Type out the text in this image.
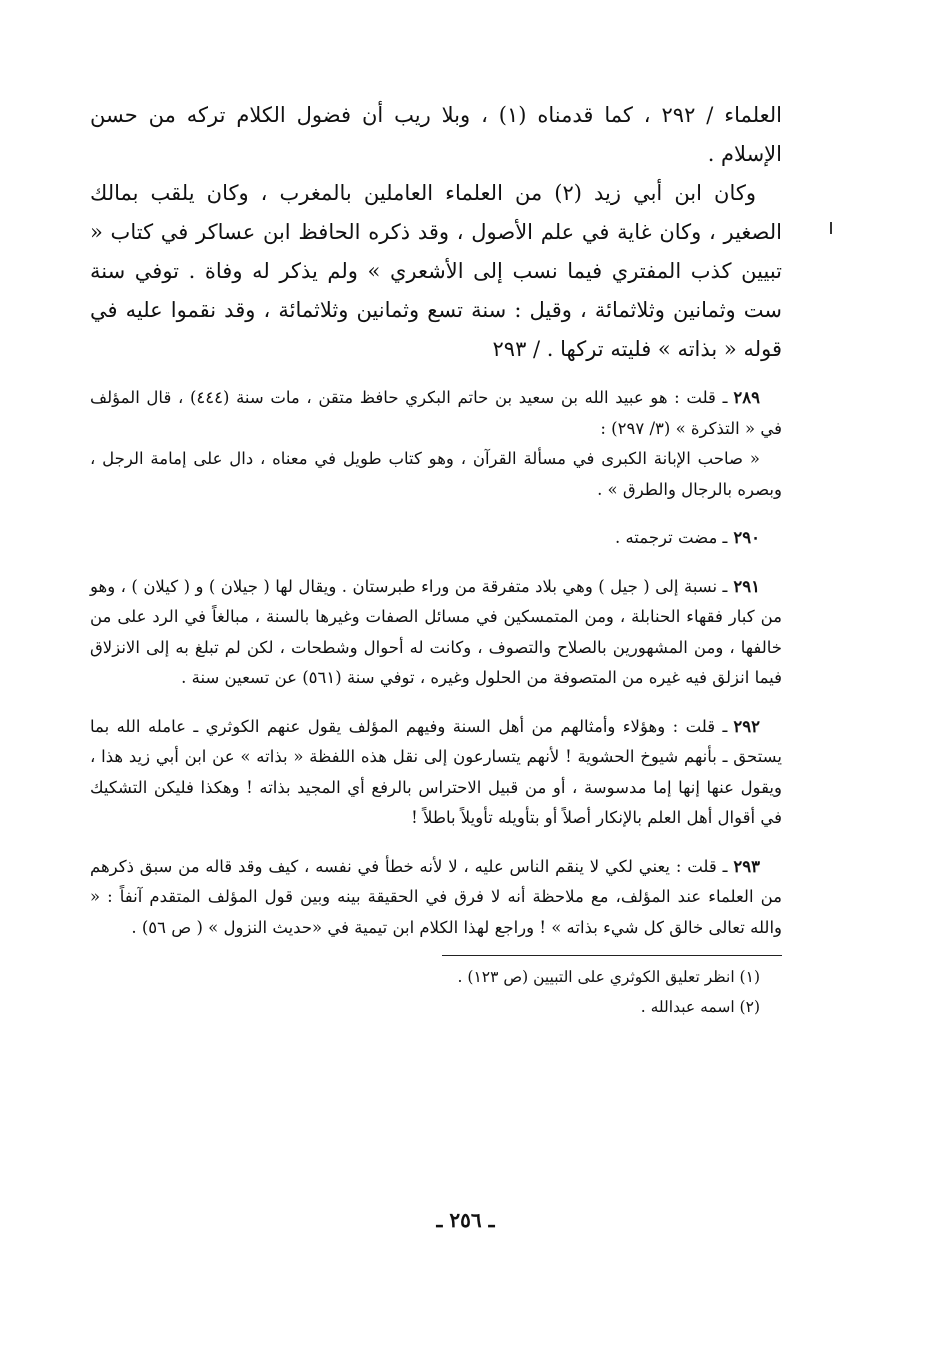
العلماء / ٢٩٢ ، كما قدمناه (١) ، وبلا ريب أن فضول الكلام تركه من حسن الإسلام .

وكان ابن أبي زيد (٢) من العلماء العاملين بالمغرب ، وكان يلقب بمالك الصغير ، وكان غاية في علم الأصول ، وقد ذكره الحافظ ابن عساكر في كتاب « تبيين كذب المفتري فيما نسب إلى الأشعري » ولم يذكر له وفاة . توفي سنة ست وثمانين وثلاثمائة ، وقيل : سنة تسع وثمانين وثلاثمائة ، وقد نقموا عليه في قوله « بذاته » فليته تركها . / ٢٩٣

٢٨٩ـ قلت : هو عبيد الله بن سعيد بن حاتم البكري حافظ متقن ، مات سنة (٤٤٤) ، قال المؤلف في « التذكرة » (٣/ ٢٩٧) :

« صاحب الإبانة الكبرى في مسألة القرآن ، وهو كتاب طويل في معناه ، دال على إمامة الرجل ، وبصره بالرجال والطرق » .

٢٩٠ـ مضت ترجمته .

٢٩١ـ نسبة إلى ( جيل ) وهي بلاد متفرقة من وراء طبرستان . ويقال لها ( جيلان ) و ( كيلان ) ، وهو من كبار فقهاء الحنابلة ، ومن المتمسكين في مسائل الصفات وغيرها بالسنة ، مبالغاً في الرد على من خالفها ، ومن المشهورين بالصلاح والتصوف ، وكانت له أحوال وشطحات ، لكن لم تبلغ به إلى الانزلاق فيما انزلق فيه غيره من المتصوفة من الحلول وغيره ، توفي سنة (٥٦١) عن تسعين سنة .

٢٩٢ـ قلت : وهؤلاء وأمثالهم من أهل السنة وفيهم المؤلف يقول عنهم الكوثري ـ عامله الله بما يستحق ـ بأنهم شيوخ الحشوية ! لأنهم يتسارعون إلى نقل هذه اللفظة « بذاته » عن ابن أبي زيد هذا ، ويقول عنها إنها إما مدسوسة ، أو من قبيل الاحتراس بالرفع أي المجيد بذاته ! وهكذا فليكن التشكيك في أقوال أهل العلم بالإنكار أصلاً أو بتأويله تأويلاً باطلاً !

٢٩٣ـ قلت : يعني لكي لا ينقم الناس عليه ، لا لأنه خطأ في نفسه ، كيف وقد قاله من سبق ذكرهم من العلماء عند المؤلف، مع ملاحظة أنه لا فرق في الحقيقة بينه وبين قول المؤلف المتقدم آنفاً : « والله تعالى خالق كل شيء بذاته » ! وراجع لهذا الكلام ابن تيمية في «حديث النزول » ( ص ٥٦) .

(١) انظر تعليق الكوثري على التبيين (ص ١٢٣) .

(٢) اسمه عبدالله .

ـ ٢٥٦ ـ
